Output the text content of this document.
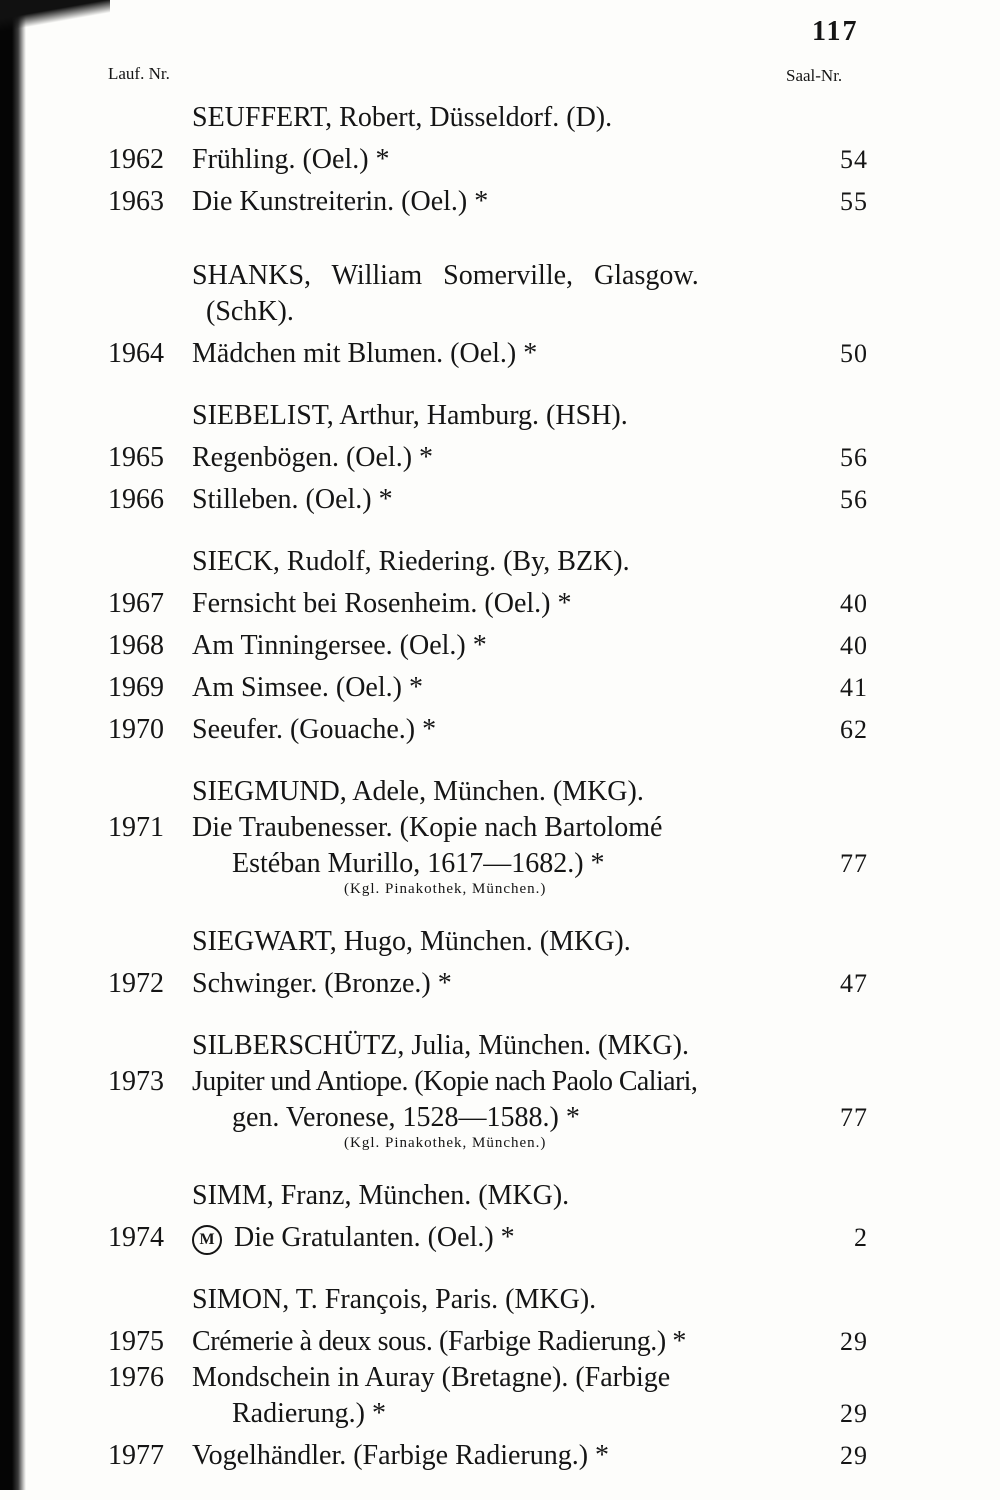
117
Lauf. Nr.	Saal-Nr.
SEUFFERT, Robert, Düsseldorf. (D).
1962	Frühling. (Oel.) *	54
1963	Die Kunstreiterin. (Oel.) *	55
SHANKS, William Somerville, Glasgow.
(SchK).
1964	Mädchen mit Blumen. (Oel.) *	50
SIEBELIST, Arthur, Hamburg. (HSH).
1965	Regenbögen. (Oel.) *	56
1966	Stilleben. (Oel.) *	56
SIECK, Rudolf, Riedering. (By, BZK).
1967	Fernsicht bei Rosenheim. (Oel.) *	40
1968	Am Tinningersee. (Oel.) *	40
1969	Am Simsee. (Oel.) *	41
1970	Seeufer. (Gouache.) *	62
SIEGMUND, Adele, München. (MKG).
1971	Die Traubenesser. (Kopie nach Bartolomé
Estéban Murillo, 1617—1682.) *	77
(Kgl. Pinakothek, München.)
SIEGWART, Hugo, München. (MKG).
1972	Schwinger. (Bronze.) *	47
SILBERSCHÜTZ, Julia, München. (MKG).
1973	Jupiter und Antiope. (Kopie nach Paolo Caliari,
gen. Veronese, 1528—1588.) *	77
(Kgl. Pinakothek, München.)
SIMM, Franz, München. (MKG).
1974	M Die Gratulanten. (Oel.) *	2
SIMON, T. François, Paris. (MKG).
1975	Crémerie à deux sous. (Farbige Radierung.) *	29
1976	Mondschein in Auray (Bretagne). (Farbige
Radierung.) *	29
1977	Vogelhändler. (Farbige Radierung.) *	29
